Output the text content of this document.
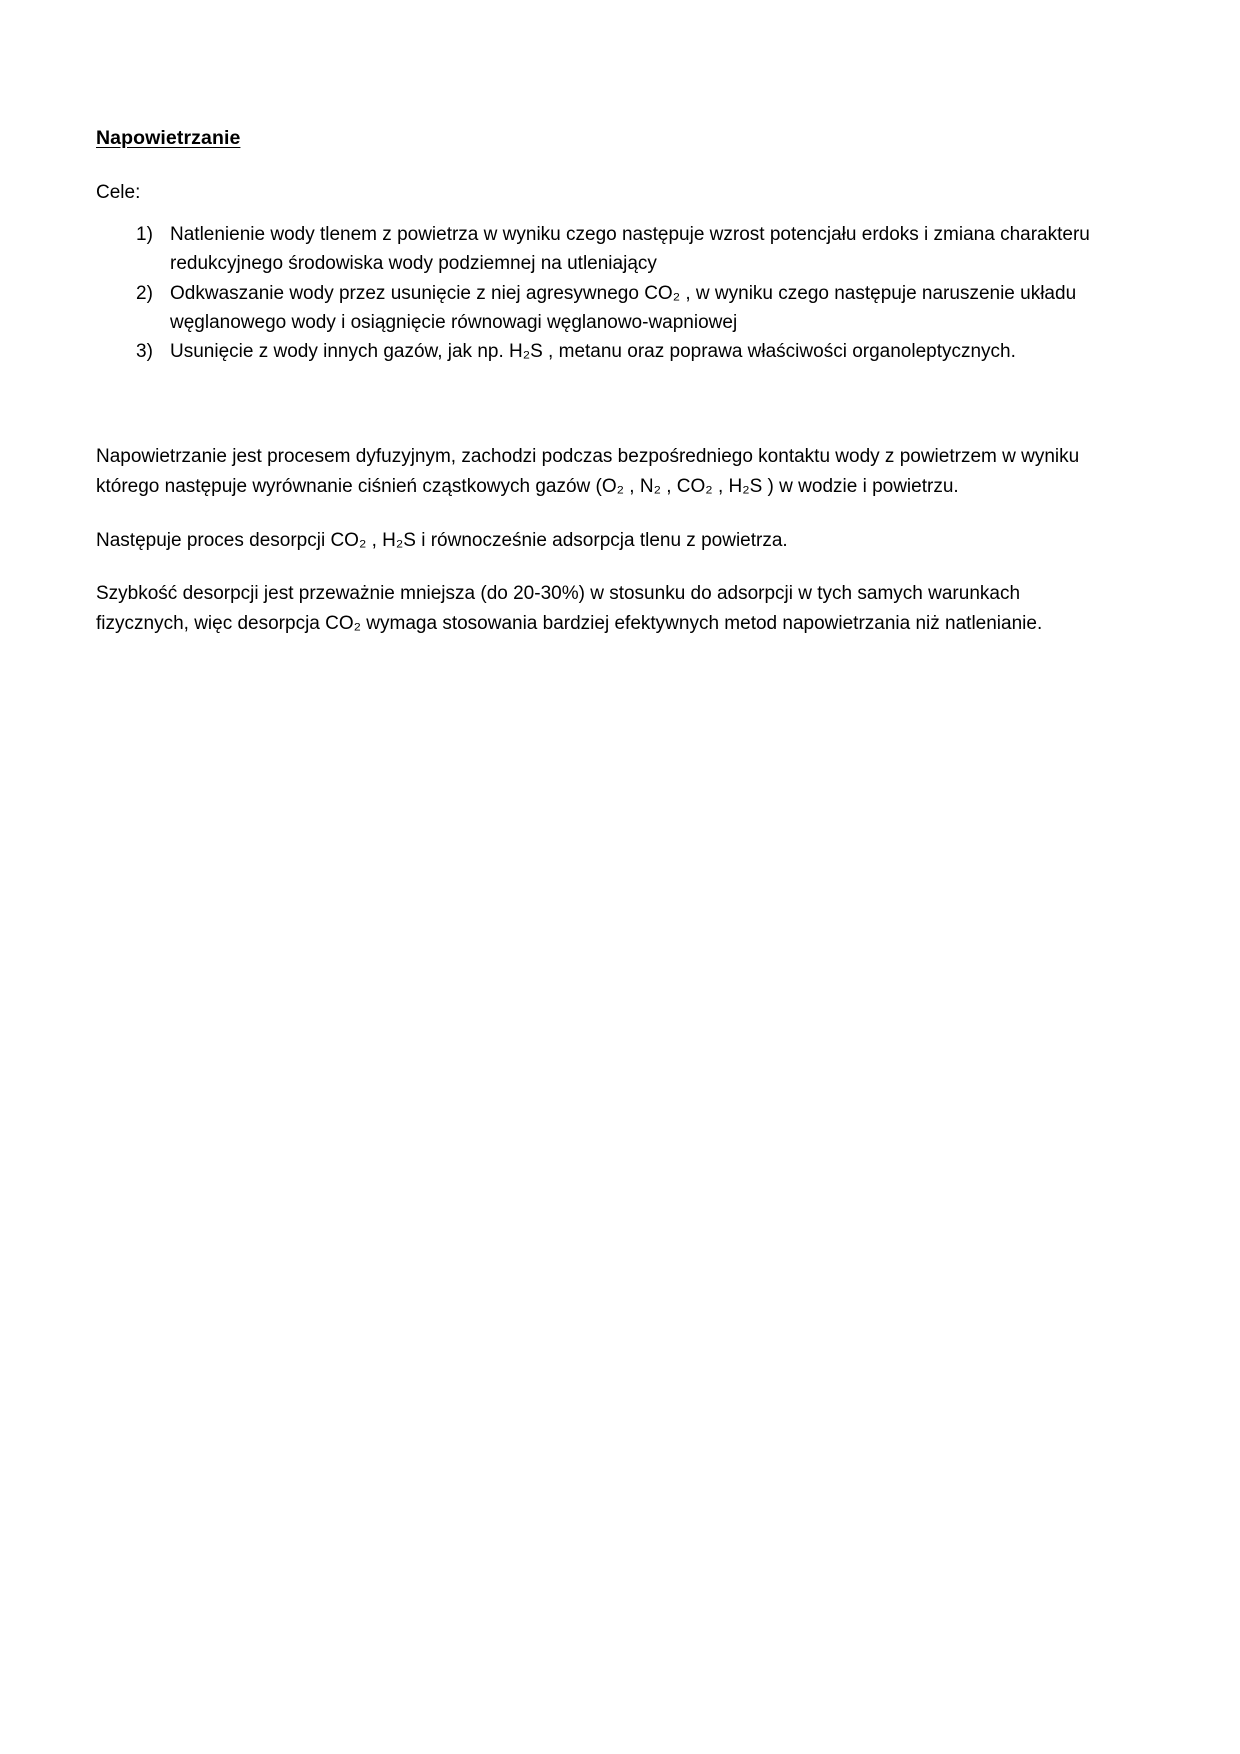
Napowietrzanie

Cele:

1) Natlenienie wody tlenem z powietrza w wyniku czego następuje wzrost potencjału erdoks i zmiana charakteru redukcyjnego środowiska wody podziemnej na utleniający
2) Odkwaszanie wody przez usunięcie z niej agresywnego CO₂ , w wyniku czego następuje naruszenie układu węglanowego wody i osiągnięcie równowagi węglanowo-wapniowej
3) Usunięcie z wody innych gazów, jak np. H₂S , metanu oraz poprawa właściwości organoleptycznych.

Napowietrzanie jest procesem dyfuzyjnym, zachodzi podczas bezpośredniego kontaktu wody z powietrzem w wyniku którego następuje wyrównanie ciśnień cząstkowych gazów (O₂ , N₂ , CO₂ , H₂S ) w wodzie i powietrzu.

Następuje proces desorpcji CO₂ , H₂S i równocześnie adsorpcja tlenu z powietrza.

Szybkość desorpcji jest przeważnie mniejsza (do 20-30%) w stosunku do adsorpcji w tych samych warunkach fizycznych, więc desorpcja CO₂ wymaga stosowania bardziej efektywnych metod napowietrzania niż natlenianie.
